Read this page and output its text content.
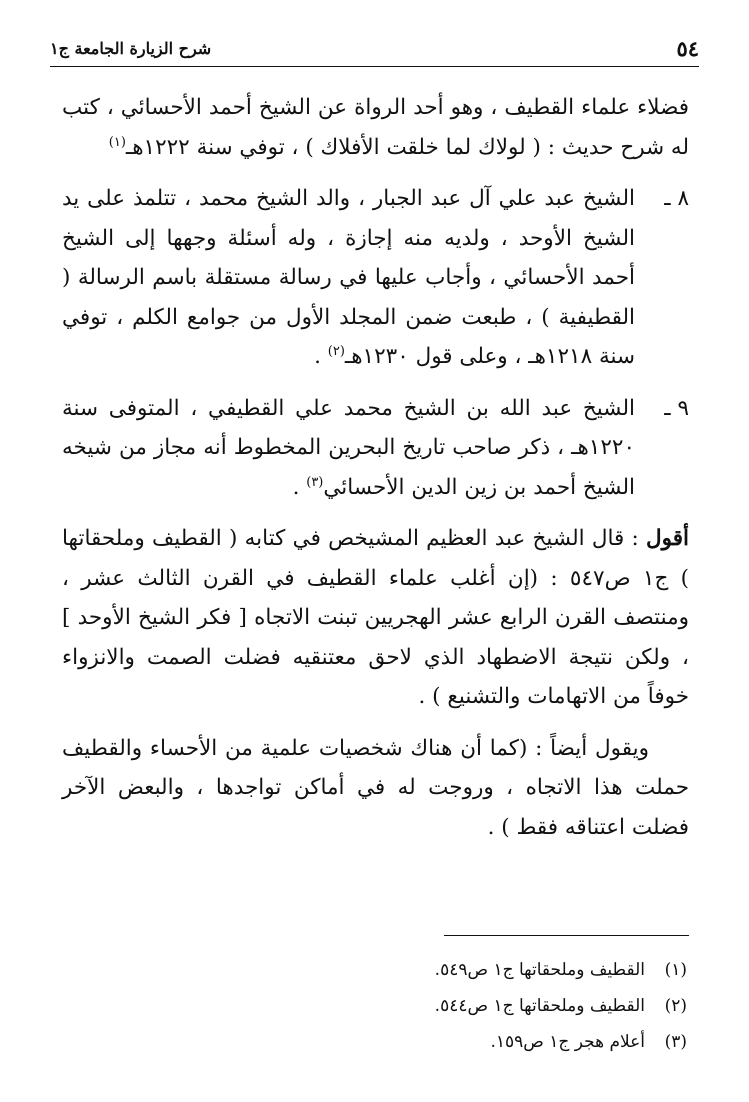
٥٤
شرح الزيارة الجامعة ج١

فضلاء علماء القطيف ، وهو أحد الرواة عن الشيخ أحمد الأحسائي ، كتب له شرح حديث : ( لولاك لما خلقت الأفلاك ) ، توفي سنة ١٢٢٢هـ$^{(١)}$

٨ ـ
الشيخ عبد علي آل عبد الجبار ، والد الشيخ محمد ، تتلمذ على يد الشيخ الأوحد ، ولديه منه إجازة ، وله أسئلة وجهها إلى الشيخ أحمد الأحسائي ، وأجاب عليها في رسالة مستقلة باسم الرسالة ( القطيفية ) ، طبعت ضمن المجلد الأول من جوامع الكلم ، توفي سنة ١٢١٨هـ ، وعلى قول ١٢٣٠هـ$^{(٢)}$ .
٩ ـ
الشيخ عبد الله بن الشيخ محمد علي القطيفي ، المتوفى سنة ١٢٢٠هـ ، ذكر صاحب تاريخ البحرين المخطوط أنه مجاز من شيخه الشيخ أحمد بن زين الدين الأحسائي$^{(٣)}$ .

أقول : قال الشيخ عبد العظيم المشيخص في كتابه ( القطيف وملحقاتها ) ج١ ص٥٤٧ : (إن أغلب علماء القطيف في القرن الثالث عشر ، ومنتصف القرن الرابع عشر الهجريين تبنت الاتجاه [ فكر الشيخ الأوحد ] ، ولكن نتيجة الاضطهاد الذي لاحق معتنقيه فضلت الصمت والانزواء خوفاً من الاتهامات والتشنيع ) .

ويقول أيضاً : (كما أن هناك شخصيات علمية من الأحساء والقطيف حملت هذا الاتجاه ، وروجت له في أماكن تواجدها ، والبعض الآخر فضلت اعتناقه فقط ) .

(١)
القطيف وملحقاتها ج١ ص٥٤٩.
(٢)
القطيف وملحقاتها ج١ ص٥٤٤.
(٣)
أعلام هجر ج١ ص١٥٩.
